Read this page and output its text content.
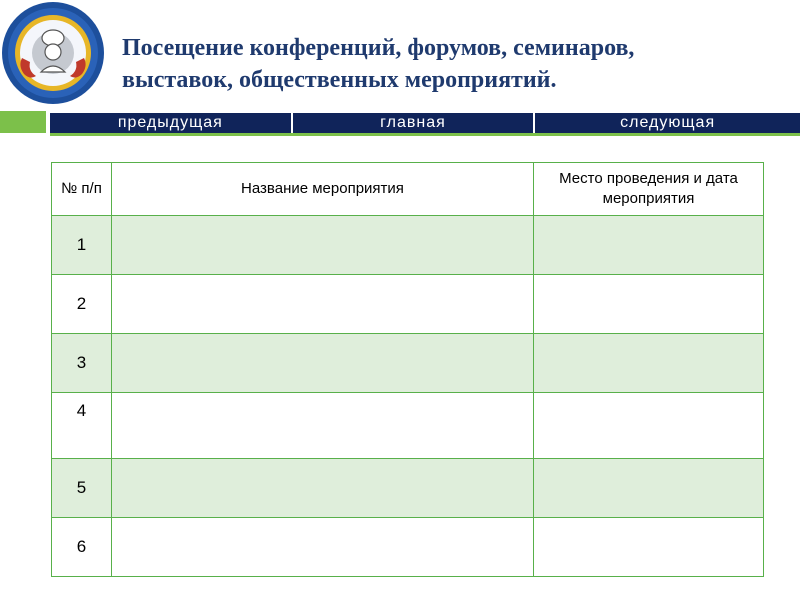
Посещение конференций, форумов, семинаров,
выставок, общественных мероприятий.
предыдущая	главная	следующая
№ п/п	Название мероприятия	Место проведения и дата мероприятия
1		
2		
3		
4		
5		
6		
